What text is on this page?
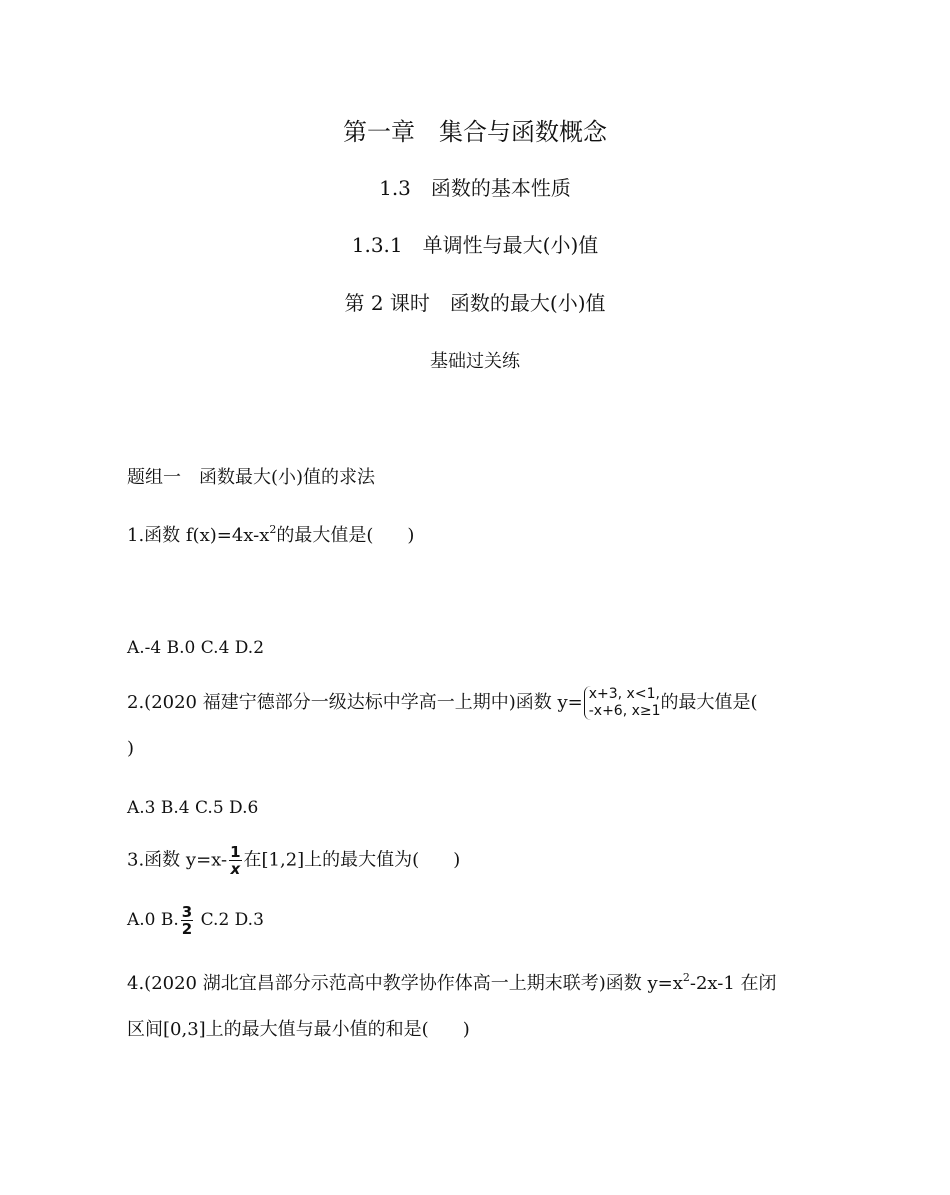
第一章　集合与函数概念
1.3　函数的基本性质
1.3.1　单调性与最大(小)值
第 2 课时　函数的最大(小)值
基础过关练
题组一　函数最大(小)值的求法
1.函数 $f(x)=4x-x^2$的最大值是( )
A.-4 B.0 C.4 D.2
2.(2020 福建宁德部分一级达标中学高一上期中)函数 y= x+3, x<1,
-x+6, x≥1 的最大值是(
)
A.3 B.4 C.5 D.6
3.函数 $y=x- \frac{1}{x}$ 在[1,2]上的最大值为( )
A.0 B. $\frac{3}{2} C.2$ D.3
4.(2020 湖北宜昌部分示范高中教学协作体高一上期末联考)函数 $y=x^2-2x-1$ 在闭
区间[0,3]上的最大值与最小值的和是( )
